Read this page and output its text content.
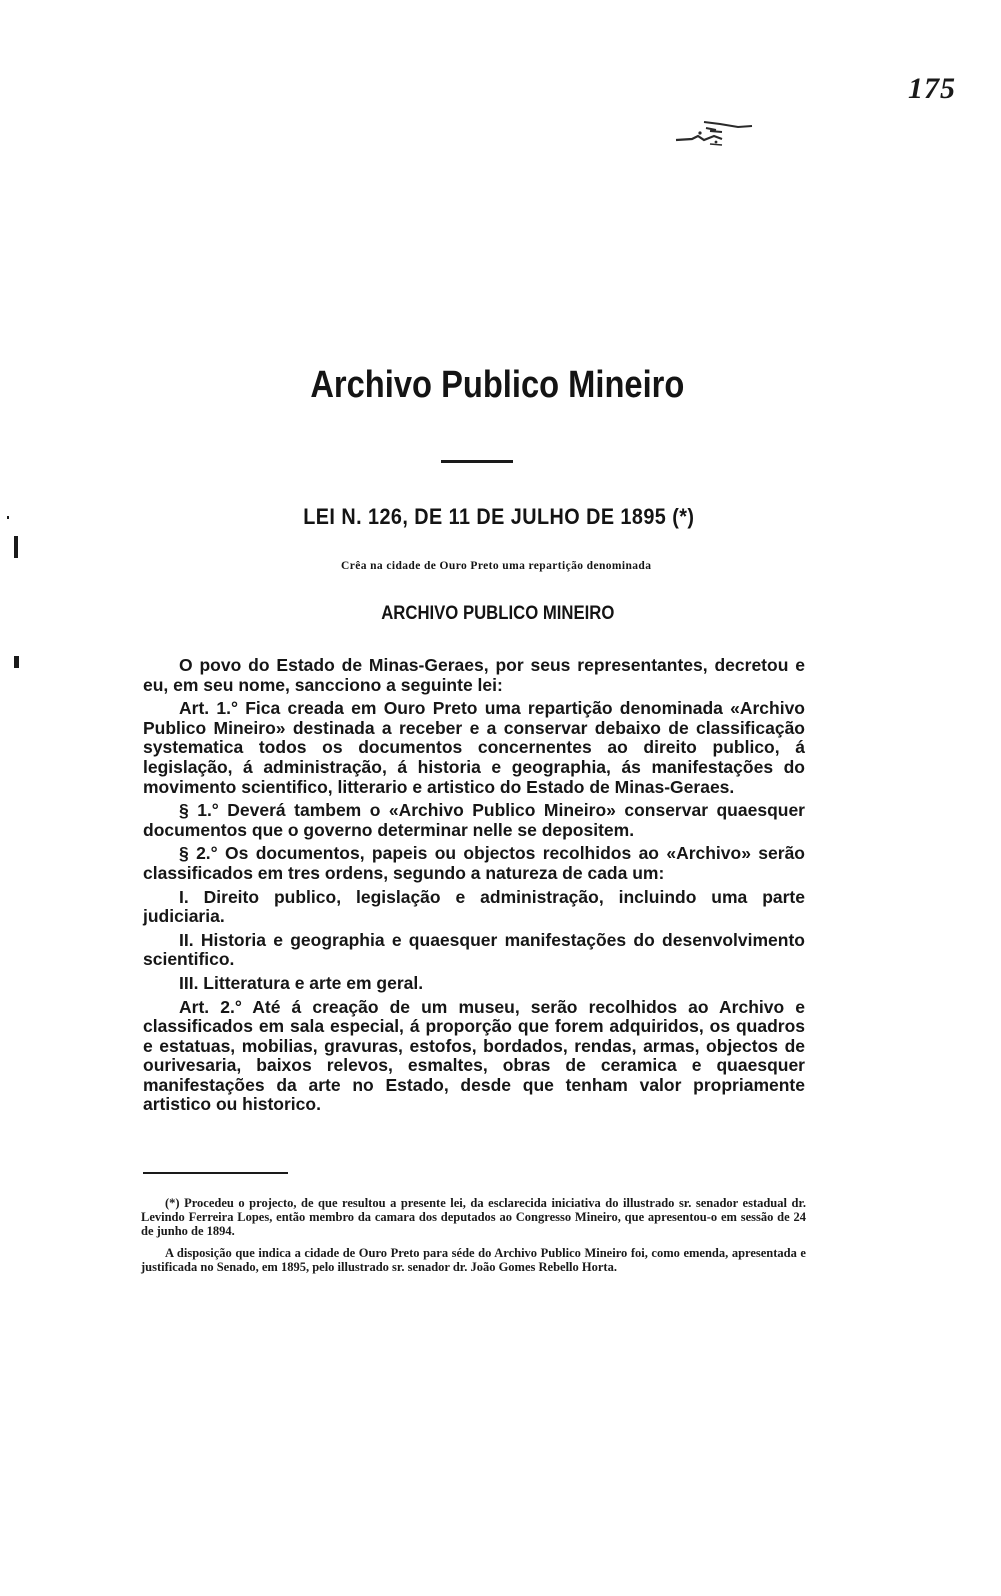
175
Archivo Publico Mineiro
LEI N. 126, DE 11 DE JULHO DE 1895 (*)
Crêa na cidade de Ouro Preto uma repartição denominada
ARCHIVO PUBLICO MINEIRO

O povo do Estado de Minas-Geraes, por seus representantes, decretou e eu, em seu nome, sancciono a seguinte lei:

Art. 1.° Fica creada em Ouro Preto uma repartição denominada «Archivo Publico Mineiro» destinada a receber e a conservar debaixo de classificação systematica todos os documentos concernentes ao direito publico, á legislação, á administração, á historia e geographia, ás manifestações do movimento scientifico, litterario e artistico do Estado de Minas-Geraes.

§ 1.° Deverá tambem o «Archivo Publico Mineiro» conservar quaesquer documentos que o governo determinar nelle se depositem.

§ 2.° Os documentos, papeis ou objectos recolhidos ao «Archivo» serão classificados em tres ordens, segundo a natureza de cada um:

I. Direito publico, legislação e administração, incluindo uma parte judiciaria.

II. Historia e geographia e quaesquer manifestações do desenvolvimento scientifico.

III. Litteratura e arte em geral.

Art. 2.° Até á creação de um museu, serão recolhidos ao Archivo e classificados em sala especial, á proporção que forem adquiridos, os quadros e estatuas, mobilias, gravuras, estofos, bordados, rendas, armas, objectos de ourivesaria, baixos relevos, esmaltes, obras de ceramica e quaesquer manifestações da arte no Estado, desde que tenham valor propriamente artistico ou historico.

(*) Procedeu o projecto, de que resultou a presente lei, da esclarecida iniciativa do illustrado sr. senador estadual dr. Levindo Ferreira Lopes, então membro da camara dos deputados ao Congresso Mineiro, que apresentou-o em sessão de 24 de junho de 1894.

A disposição que indica a cidade de Ouro Preto para séde do Archivo Publico Mineiro foi, como emenda, apresentada e justificada no Senado, em 1895, pelo illustrado sr. senador dr. João Gomes Rebello Horta.
